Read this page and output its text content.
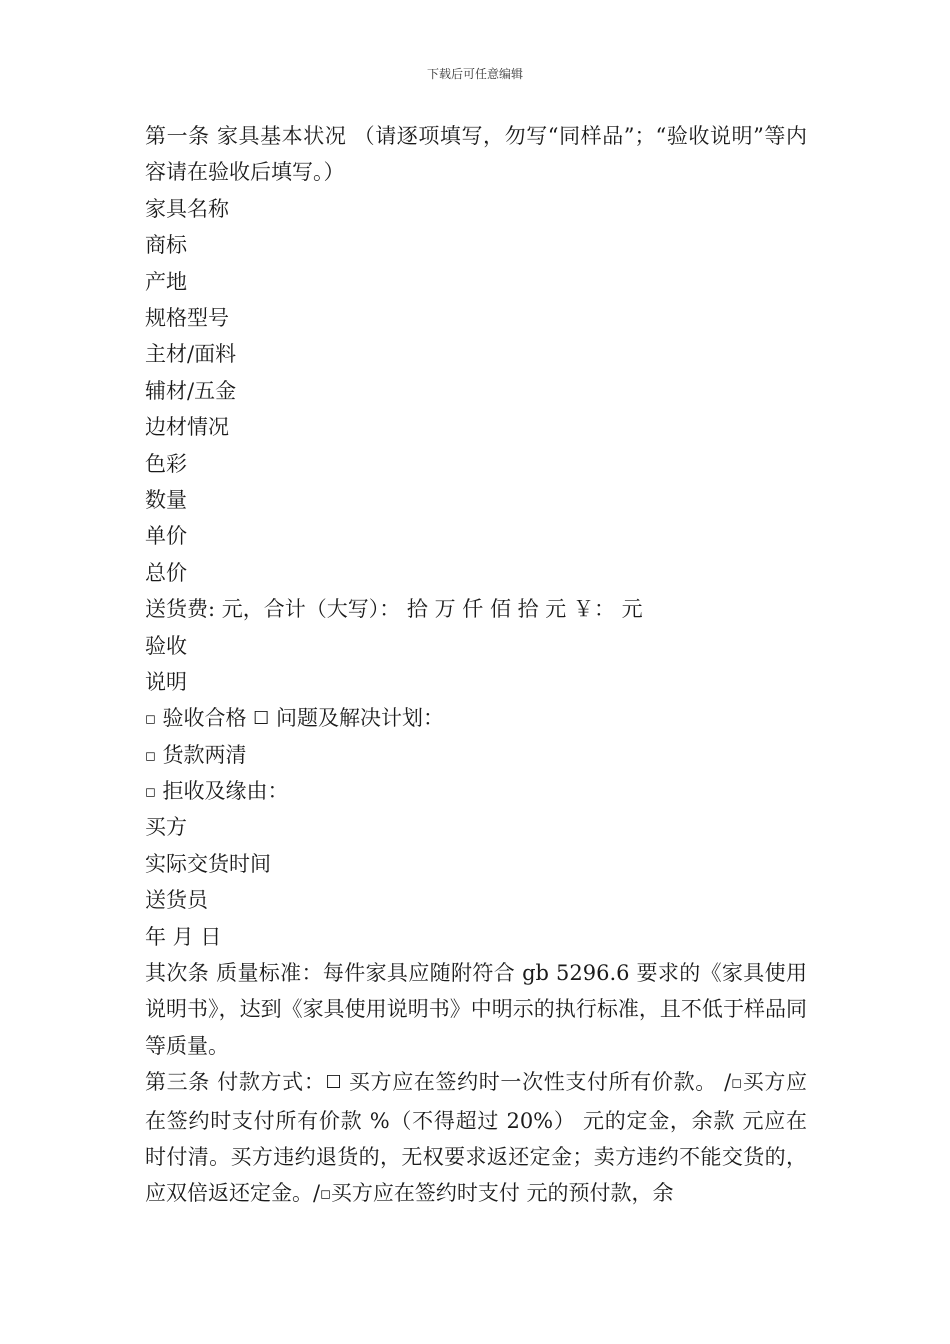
下载后可任意编辑
第一条 家具基本状况 （请逐项填写，勿写“同样品”；“验收说明”等内容请在验收后填写。）
家具名称
商标
产地
规格型号
主材/面料
辅材/五金
边材情况
色彩
数量
单价
总价
送货费: 元，合计（大写）： 拾 万 仟 佰 拾 元 ￥： 元
验收
说明
◻ 验收合格 ☐ 问题及解决计划：
◻ 货款两清
◻ 拒收及缘由：
买方
实际交货时间
送货员
年 月 日
其次条 质量标准：每件家具应随附符合 gb 5296.6 要求的《家具使用说明书》，达到《家具使用说明书》中明示的执行标准，且不低于样品同等质量。
第三条 付款方式：☐ 买方应在签约时一次性支付所有价款。 /◻买方应在签约时支付所有价款 %（不得超过 20%） 元的定金，余款 元应在 时付清。买方违约退货的，无权要求返还定金；卖方违约不能交货的，应双倍返还定金。/◻买方应在签约时支付 元的预付款，余
